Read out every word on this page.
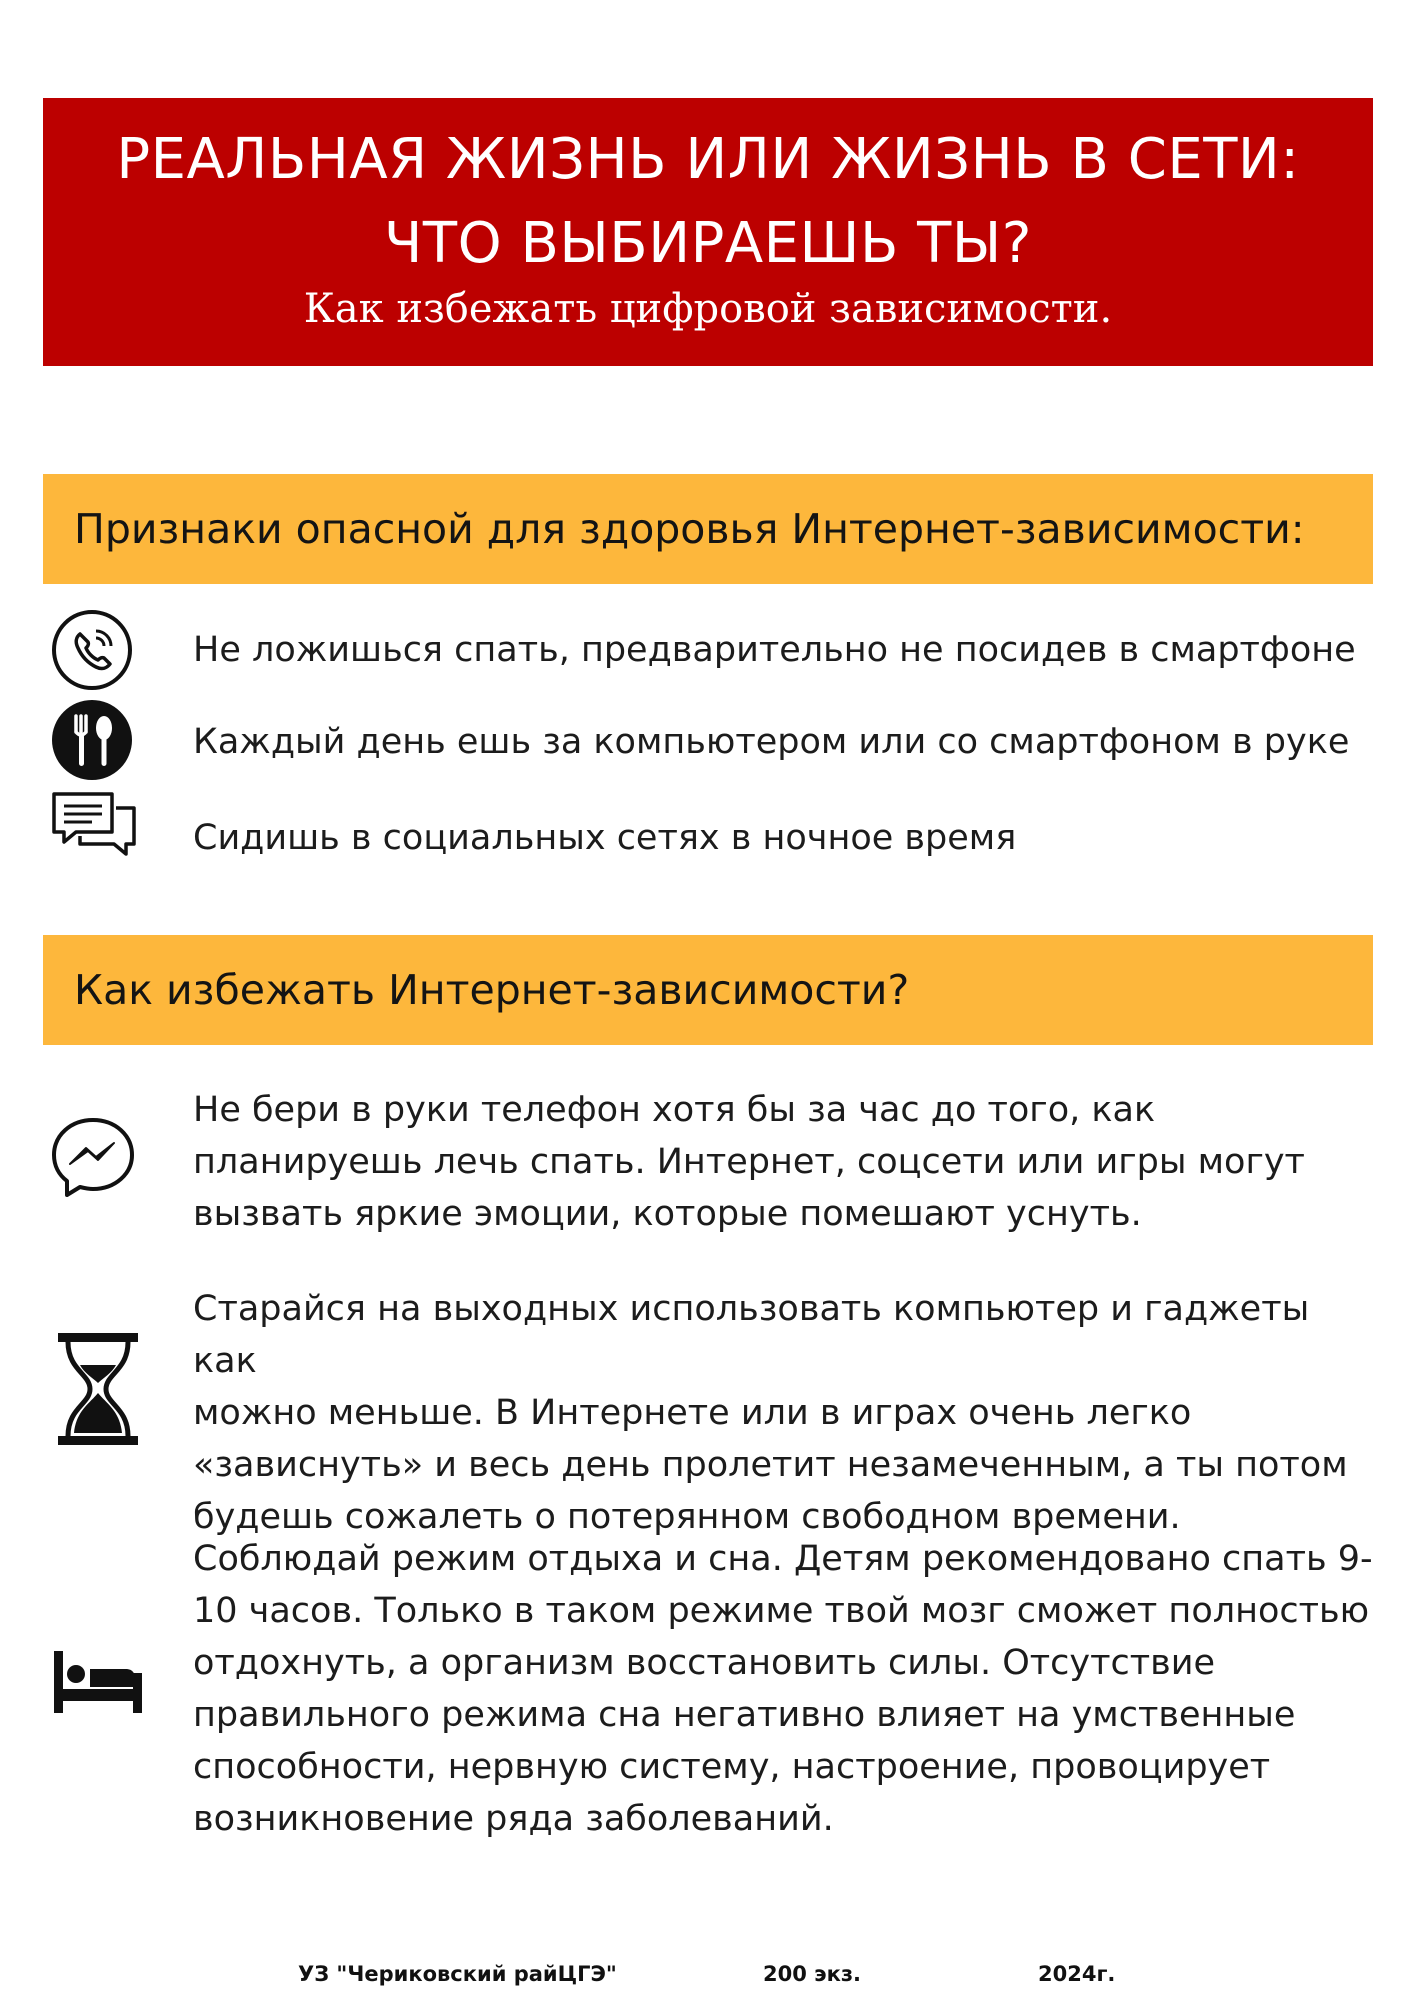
РЕАЛЬНАЯ ЖИЗНЬ ИЛИ ЖИЗНЬ В СЕТИ:
ЧТО ВЫБИРАЕШЬ ТЫ?
Как избежать цифровой зависимости.
Признаки опасной для здоровья Интернет-зависимости:
Не ложишься спать, предварительно не посидев в смартфоне
Каждый день ешь за компьютером или со смартфоном в руке
Сидишь в социальных сетях в ночное время
Как избежать Интернет-зависимости?
Не бери в руки телефон хотя бы за час до того, как
планируешь лечь спать. Интернет, соцсети или игры могут
вызвать яркие эмоции, которые помешают уснуть.
Старайся на выходных использовать компьютер и гаджеты как
можно меньше. В Интернете или в играх очень легко
«зависнуть» и весь день пролетит незамеченным, а ты потом
будешь сожалеть о потерянном свободном времени.
Соблюдай режим отдыха и сна. Детям рекомендовано спать 9-
10 часов. Только в таком режиме твой мозг сможет полностью
отдохнуть, а организм восстановить силы. Отсутствие
правильного режима сна негативно влияет на умственные
способности, нервную систему, настроение, провоцирует
возникновение ряда заболеваний.
УЗ "Чериковский райЦГЭ"	200 экз.	2024г.
